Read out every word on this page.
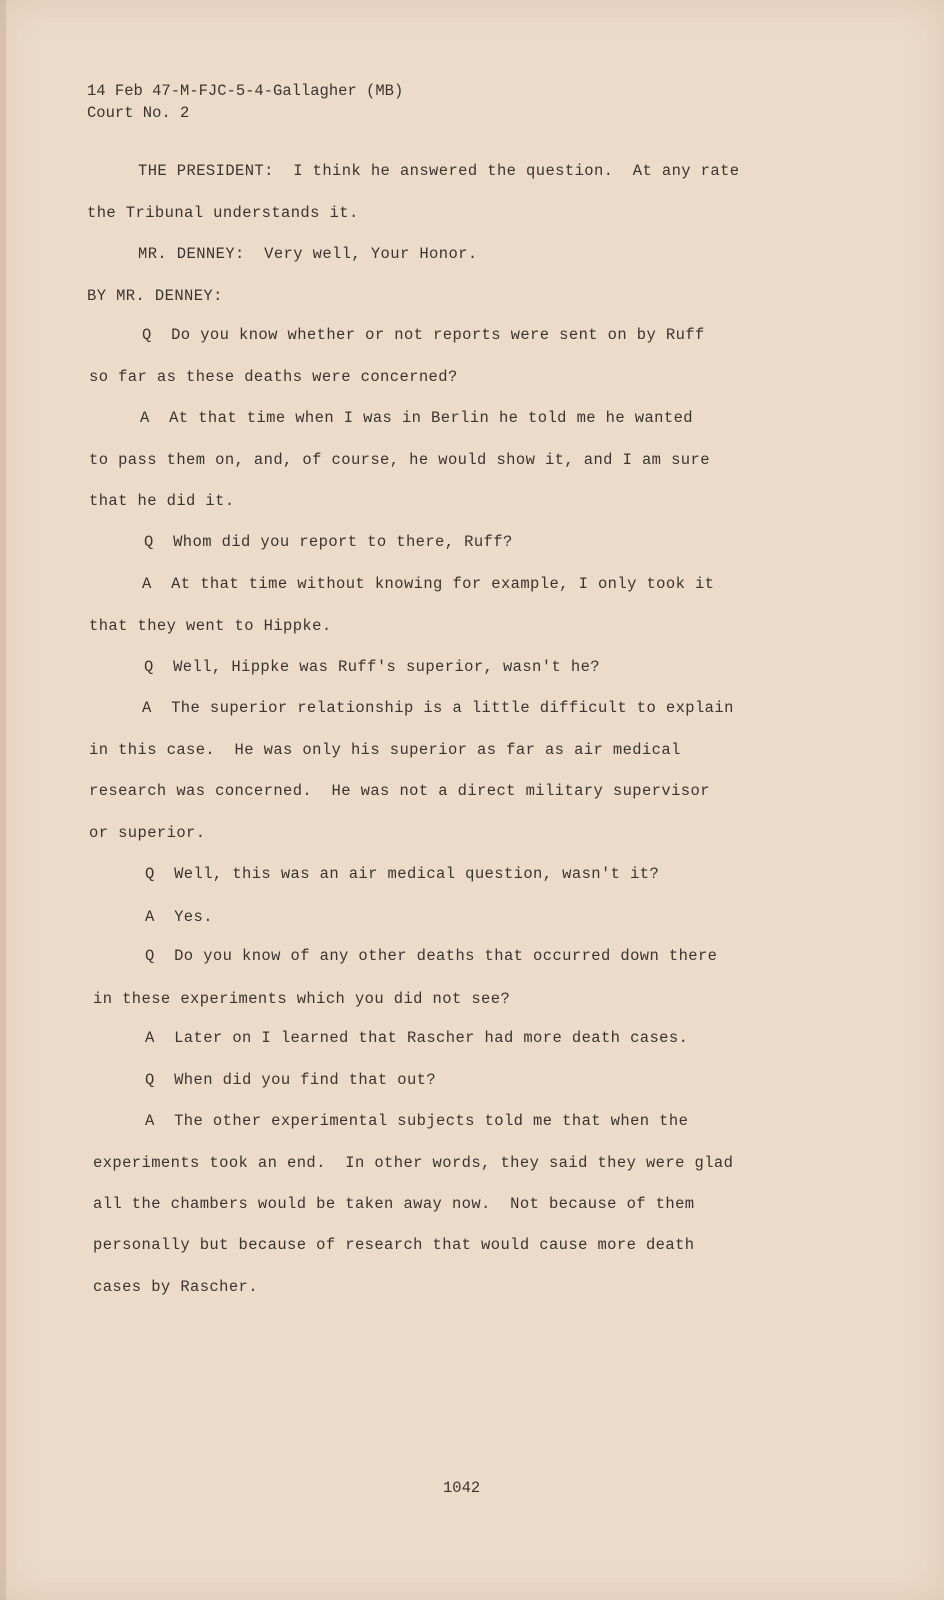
14 Feb 47-M-FJC-5-4-Gallagher (MB)
Court No. 2
THE PRESIDENT:  I think he answered the question.  At any rate
the Tribunal understands it.
MR. DENNEY:  Very well, Your Honor.
BY MR. DENNEY:
Q  Do you know whether or not reports were sent on by Ruff
so far as these deaths were concerned?
A  At that time when I was in Berlin he told me he wanted
to pass them on, and, of course, he would show it, and I am sure
that he did it.
Q  Whom did you report to there, Ruff?
A  At that time without knowing for example, I only took it
that they went to Hippke.
Q  Well, Hippke was Ruff's superior, wasn't he?
A  The superior relationship is a little difficult to explain
in this case.  He was only his superior as far as air medical
research was concerned.  He was not a direct military supervisor
or superior.
Q  Well, this was an air medical question, wasn't it?
A  Yes.
Q  Do you know of any other deaths that occurred down there
in these experiments which you did not see?
A  Later on I learned that Rascher had more death cases.
Q  When did you find that out?
A  The other experimental subjects told me that when the
experiments took an end.  In other words, they said they were glad
all the chambers would be taken away now.  Not because of them
personally but because of research that would cause more death
cases by Rascher.
1042
